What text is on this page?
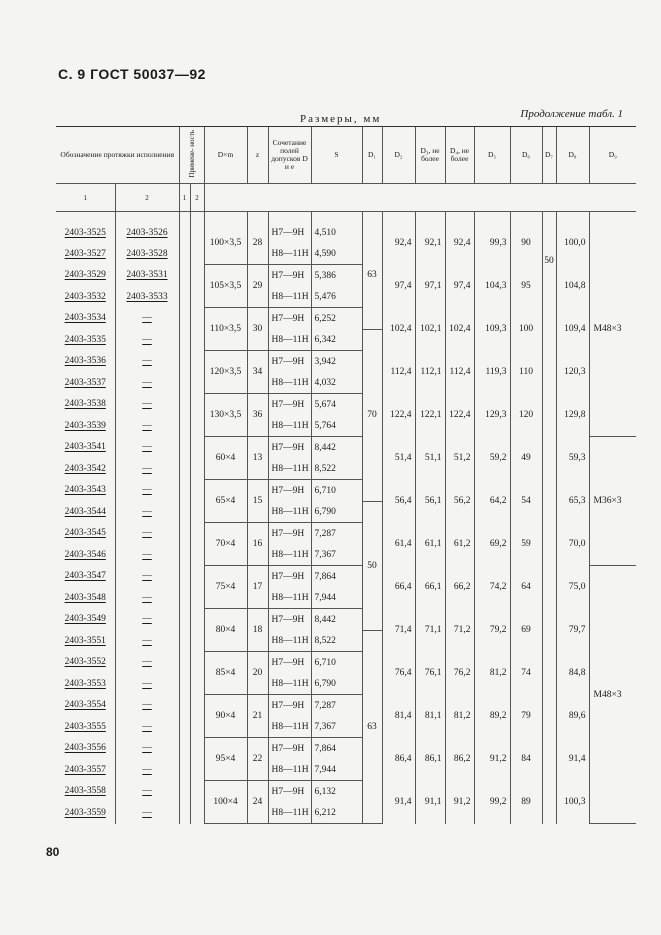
С. 9 ГОСТ 50037—92
Продолжение табл. 1
Размеры, мм
Обозначение протяжки исполнения		Примене- ность		D×m	z	Сочетание полей допусков D и e	S	D₁	D₂	D₃, не более	D₄, не более	D₅	D₆	D₇	D₈	D₉
1	2	1	2													

2403-3525	2403-3526			100×3,5	28	H7—9H	4,510	63	92,4	92,1	92,4	99,3	90	50	100,0	M48×3
2403-3527	2403-3528					H8—11H	4,590									
2403-3529	2403-3531			105×3,5	29	H7—9H	5,386		97,4	97,1	97,4	104,3	95		104,8	
2403-3532	2403-3533					H8—11H	5,476									
2403-3534	—			110×3,5	30	H7—9H	6,252		102,4	102,1	102,4	109,3	100		109,4	
2403-3535	—					H8—11H	6,342	70								
2403-3536	—			120×3,5	34	H7—9H	3,942		112,4	112,1	112,4	119,3	110		120,3	
2403-3537	—					H8—11H	4,032									
2403-3538	—			130×3,5	36	H7—9H	5,674		122,4	122,1	122,4	129,3	120		129,8	
2403-3539	—					H8—11H	5,764									
2403-3541	—			60×4	13	H7—9H	8,442		51,4	51,1	51,2	59,2	49		59,3	M36×3
2403-3542	—					H8—11H	8,522									
2403-3543	—			65×4	15	H7—9H	6,710		56,4	56,1	56,2	64,2	54		65,3	
2403-3544	—					H8—11H	6,790	50								
2403-3545	—			70×4	16	H7—9H	7,287		61,4	61,1	61,2	69,2	59		70,0	
2403-3546	—					H8—11H	7,367									
2403-3547	—			75×4	17	H7—9H	7,864		66,4	66,1	66,2	74,2	64		75,0	M48×3
2403-3548	—					H8—11H	7,944									
2403-3549	—			80×4	18	H7—9H	8,442		71,4	71,1	71,2	79,2	69		79,7	
2403-3551	—					H8—11H	8,522	63								
2403-3552	—			85×4	20	H7—9H	6,710		76,4	76,1	76,2	81,2	74		84,8	
2403-3553	—					H8—11H	6,790									
2403-3554	—			90×4	21	H7—9H	7,287		81,4	81,1	81,2	89,2	79		89,6	
2403-3555	—					H8—11H	7,367									
2403-3556	—			95×4	22	H7—9H	7,864		86,4	86,1	86,2	91,2	84		91,4	
2403-3557	—					H8—11H	7,944									
2403-3558	—			100×4	24	H7—9H	6,132		91,4	91,1	91,2	99,2	89		100,3	
2403-3559	—					H8—11H	6,212									
80
